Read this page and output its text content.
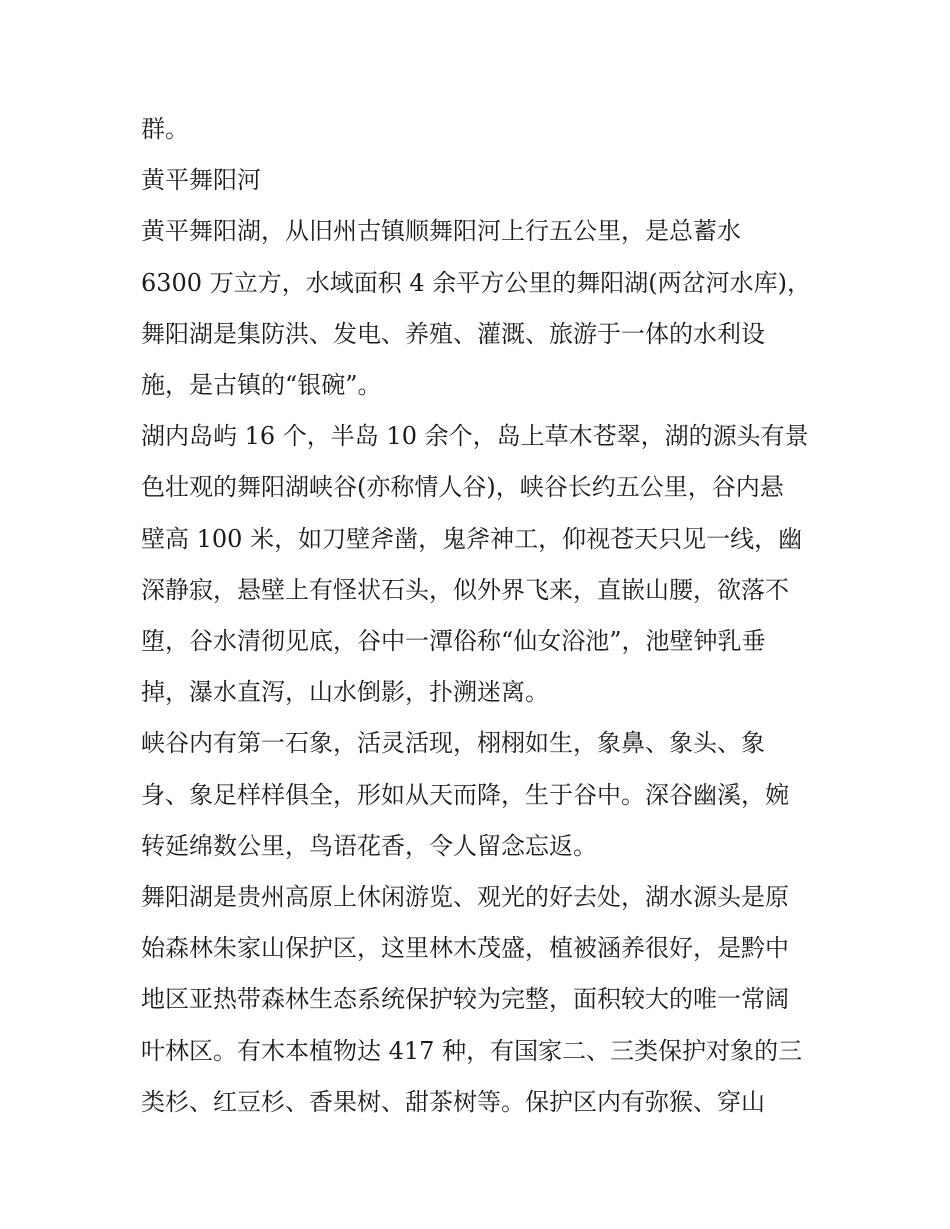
群。

黄平舞阳河

黄平舞阳湖，从旧州古镇顺舞阳河上行五公里，是总蓄水
6300 万立方，水域面积 4 余平方公里的舞阳湖(两岔河水库)，
舞阳湖是集防洪、发电、养殖、灌溉、旅游于一体的水利设
施，是古镇的“银碗”。

湖内岛屿 16 个，半岛 10 余个，岛上草木苍翠，湖的源头有景
色壮观的舞阳湖峡谷(亦称情人谷)，峡谷长约五公里，谷内悬
壁高 100 米，如刀壁斧凿，鬼斧神工，仰视苍天只见一线，幽
深静寂，悬壁上有怪状石头，似外界飞来，直嵌山腰，欲落不
堕，谷水清彻见底，谷中一潭俗称“仙女浴池”，池壁钟乳垂
掉，瀑水直泻，山水倒影，扑溯迷离。

峡谷内有第一石象，活灵活现，栩栩如生，象鼻、象头、象
身、象足样样俱全，形如从天而降，生于谷中。深谷幽溪，婉
转延绵数公里，鸟语花香，令人留念忘返。

舞阳湖是贵州高原上休闲游览、观光的好去处，湖水源头是原
始森林朱家山保护区，这里林木茂盛，植被涵养很好，是黔中
地区亚热带森林生态系统保护较为完整，面积较大的唯一常阔
叶林区。有木本植物达 417 种，有国家二、三类保护对象的三
类杉、红豆杉、香果树、甜茶树等。保护区内有弥猴、穿山
